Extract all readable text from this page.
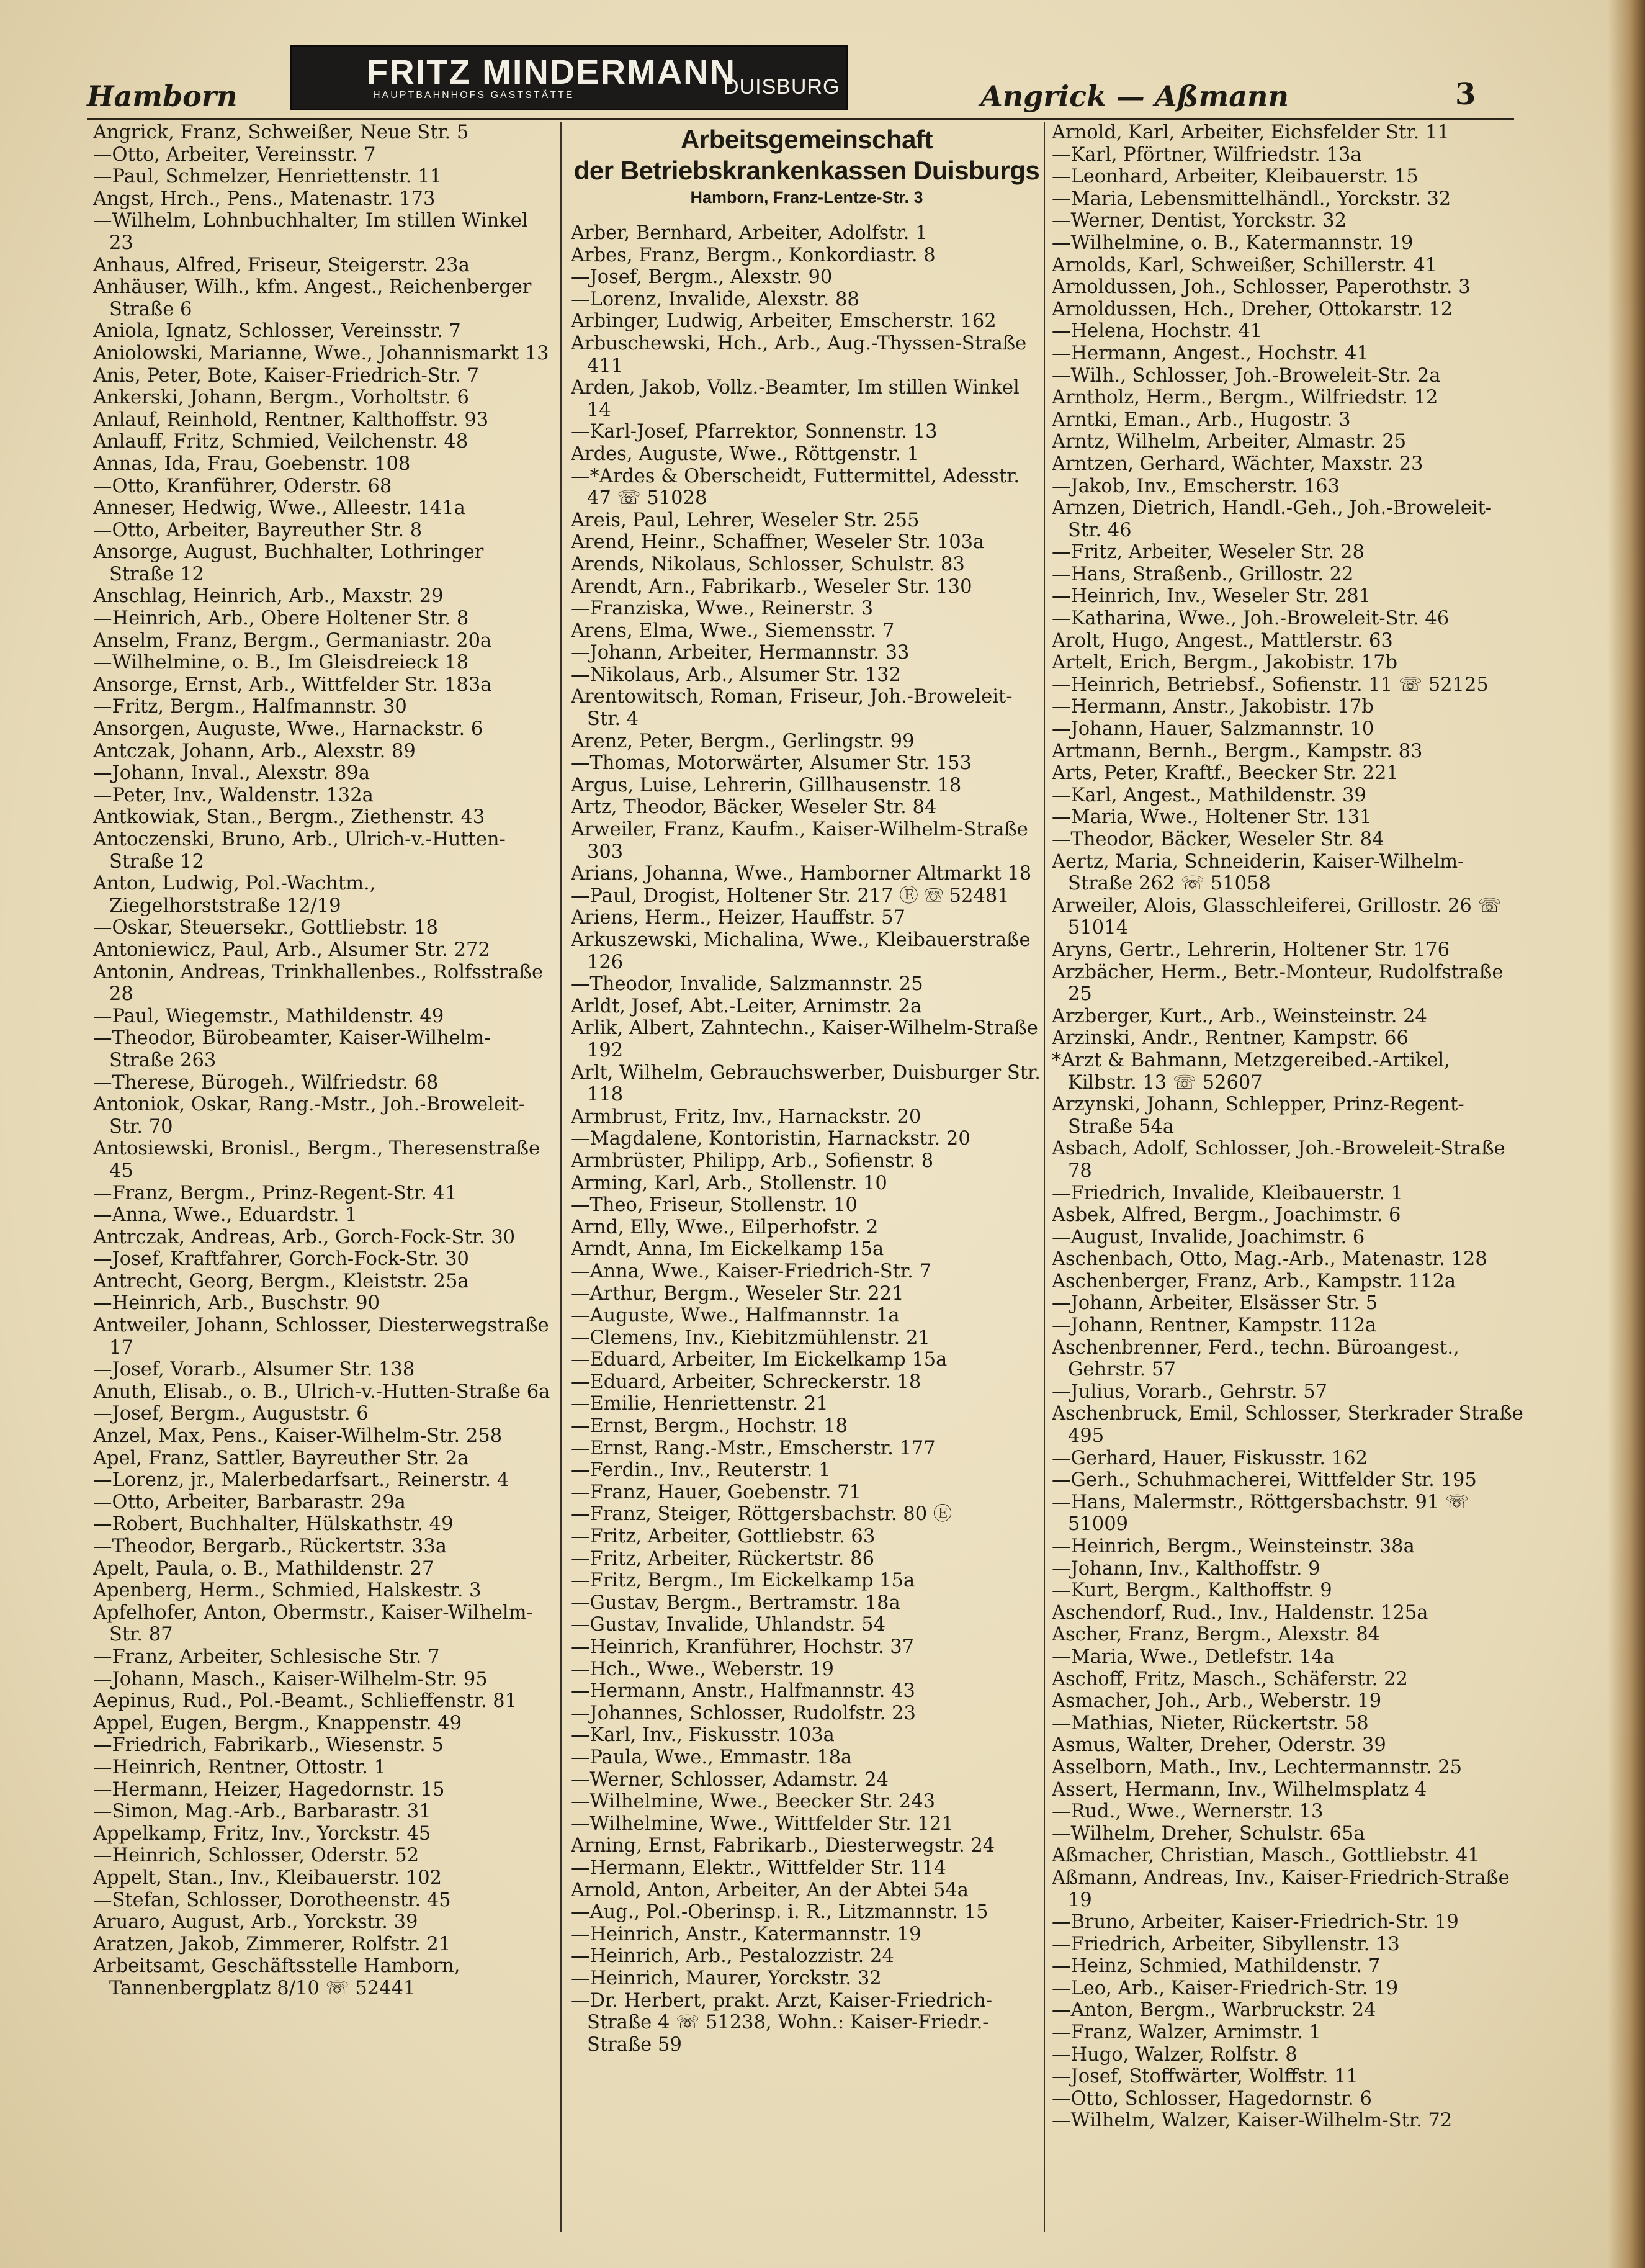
Hamborn
FRITZ MINDERMANN
HAUPTBAHNHOFS GASTSTÄTTE	DUISBURG	Angrick — Aßmann	3
Angrick, Franz, Schweißer, Neue Str. 5
—Otto, Arbeiter, Vereinsstr. 7
—Paul, Schmelzer, Henriettenstr. 11
Angst, Hrch., Pens., Matenastr. 173
—Wilhelm, Lohnbuchhalter, Im stillen Winkel 23
Anhaus, Alfred, Friseur, Steigerstr. 23a
Anhäuser, Wilh., kfm. Angest., Reichenberger Straße 6
Aniola, Ignatz, Schlosser, Vereinsstr. 7
Aniolowski, Marianne, Wwe., Johannismarkt 13
Anis, Peter, Bote, Kaiser-Friedrich-Str. 7
Ankerski, Johann, Bergm., Vorholtstr. 6
Anlauf, Reinhold, Rentner, Kalthoffstr. 93
Anlauff, Fritz, Schmied, Veilchenstr. 48
Annas, Ida, Frau, Goebenstr. 108
—Otto, Kranführer, Oderstr. 68
Anneser, Hedwig, Wwe., Alleestr. 141a
—Otto, Arbeiter, Bayreuther Str. 8
Ansorge, August, Buchhalter, Lothringer Straße 12
Anschlag, Heinrich, Arb., Maxstr. 29
—Heinrich, Arb., Obere Holtener Str. 8
Anselm, Franz, Bergm., Germaniastr. 20a
—Wilhelmine, o. B., Im Gleisdreieck 18
Ansorge, Ernst, Arb., Wittfelder Str. 183a
—Fritz, Bergm., Halfmannstr. 30
Ansorgen, Auguste, Wwe., Harnackstr. 6
Antczak, Johann, Arb., Alexstr. 89
—Johann, Inval., Alexstr. 89a
—Peter, Inv., Waldenstr. 132a
Antkowiak, Stan., Bergm., Ziethenstr. 43
Antoczenski, Bruno, Arb., Ulrich-v.-Hutten-Straße 12
Anton, Ludwig, Pol.-Wachtm., Ziegelhorststraße 12/19
—Oskar, Steuersekr., Gottliebstr. 18
Antoniewicz, Paul, Arb., Alsumer Str. 272
Antonin, Andreas, Trinkhallenbes., Rolfsstraße 28
—Paul, Wiegemstr., Mathildenstr. 49
—Theodor, Bürobeamter, Kaiser-Wilhelm-Straße 263
—Therese, Bürogeh., Wilfriedstr. 68
Antoniok, Oskar, Rang.-Mstr., Joh.-Broweleit-Str. 70
Antosiewski, Bronisl., Bergm., Theresenstraße 45
—Franz, Bergm., Prinz-Regent-Str. 41
—Anna, Wwe., Eduardstr. 1
Antrczak, Andreas, Arb., Gorch-Fock-Str. 30
—Josef, Kraftfahrer, Gorch-Fock-Str. 30
Antrecht, Georg, Bergm., Kleiststr. 25a
—Heinrich, Arb., Buschstr. 90
Antweiler, Johann, Schlosser, Diesterwegstraße 17
—Josef, Vorarb., Alsumer Str. 138
Anuth, Elisab., o. B., Ulrich-v.-Hutten-Straße 6a
—Josef, Bergm., Auguststr. 6
Anzel, Max, Pens., Kaiser-Wilhelm-Str. 258
Apel, Franz, Sattler, Bayreuther Str. 2a
—Lorenz, jr., Malerbedarfsart., Reinerstr. 4
—Otto, Arbeiter, Barbarastr. 29a
—Robert, Buchhalter, Hülskathstr. 49
—Theodor, Bergarb., Rückertstr. 33a
Apelt, Paula, o. B., Mathildenstr. 27
Apenberg, Herm., Schmied, Halskestr. 3
Apfelhofer, Anton, Obermstr., Kaiser-Wilhelm-Str. 87
—Franz, Arbeiter, Schlesische Str. 7
—Johann, Masch., Kaiser-Wilhelm-Str. 95
Aepinus, Rud., Pol.-Beamt., Schlieffenstr. 81
Appel, Eugen, Bergm., Knappenstr. 49
—Friedrich, Fabrikarb., Wiesenstr. 5
—Heinrich, Rentner, Ottostr. 1
—Hermann, Heizer, Hagedornstr. 15
—Simon, Mag.-Arb., Barbarastr. 31
Appelkamp, Fritz, Inv., Yorckstr. 45
—Heinrich, Schlosser, Oderstr. 52
Appelt, Stan., Inv., Kleibauerstr. 102
—Stefan, Schlosser, Dorotheenstr. 45
Aruaro, August, Arb., Yorckstr. 39
Aratzen, Jakob, Zimmerer, Rolfstr. 21
Arbeitsamt, Geschäftsstelle Hamborn, Tannenbergplatz 8/10 ☏ 52441
Arbeitsgemeinschaft
der Betriebskrankenkassen Duisburgs
Hamborn, Franz-Lentze-Str. 3
Arber, Bernhard, Arbeiter, Adolfstr. 1
Arbes, Franz, Bergm., Konkordiastr. 8
—Josef, Bergm., Alexstr. 90
—Lorenz, Invalide, Alexstr. 88
Arbinger, Ludwig, Arbeiter, Emscherstr. 162
Arbuschewski, Hch., Arb., Aug.-Thyssen-Straße 411
Arden, Jakob, Vollz.-Beamter, Im stillen Winkel 14
—Karl-Josef, Pfarrektor, Sonnenstr. 13
Ardes, Auguste, Wwe., Röttgenstr. 1
—*Ardes & Oberscheidt, Futtermittel, Adesstr. 47 ☏ 51028
Areis, Paul, Lehrer, Weseler Str. 255
Arend, Heinr., Schaffner, Weseler Str. 103a
Arends, Nikolaus, Schlosser, Schulstr. 83
Arendt, Arn., Fabrikarb., Weseler Str. 130
—Franziska, Wwe., Reinerstr. 3
Arens, Elma, Wwe., Siemensstr. 7
—Johann, Arbeiter, Hermannstr. 33
—Nikolaus, Arb., Alsumer Str. 132
Arentowitsch, Roman, Friseur, Joh.-Broweleit-Str. 4
Arenz, Peter, Bergm., Gerlingstr. 99
—Thomas, Motorwärter, Alsumer Str. 153
Argus, Luise, Lehrerin, Gillhausenstr. 18
Artz, Theodor, Bäcker, Weseler Str. 84
Arweiler, Franz, Kaufm., Kaiser-Wilhelm-Straße 303
Arians, Johanna, Wwe., Hamborner Altmarkt 18
—Paul, Drogist, Holtener Str. 217 Ⓔ ☏ 52481
Ariens, Herm., Heizer, Hauffstr. 57
Arkuszewski, Michalina, Wwe., Kleibauerstraße 126
—Theodor, Invalide, Salzmannstr. 25
Arldt, Josef, Abt.-Leiter, Arnimstr. 2a
Arlik, Albert, Zahntechn., Kaiser-Wilhelm-Straße 192
Arlt, Wilhelm, Gebrauchswerber, Duisburger Str. 118
Armbrust, Fritz, Inv., Harnackstr. 20
—Magdalene, Kontoristin, Harnackstr. 20
Armbrüster, Philipp, Arb., Sofienstr. 8
Arming, Karl, Arb., Stollenstr. 10
—Theo, Friseur, Stollenstr. 10
Arnd, Elly, Wwe., Eilperhofstr. 2
Arndt, Anna, Im Eickelkamp 15a
—Anna, Wwe., Kaiser-Friedrich-Str. 7
—Arthur, Bergm., Weseler Str. 221
—Auguste, Wwe., Halfmannstr. 1a
—Clemens, Inv., Kiebitzmühlenstr. 21
—Eduard, Arbeiter, Im Eickelkamp 15a
—Eduard, Arbeiter, Schreckerstr. 18
—Emilie, Henriettenstr. 21
—Ernst, Bergm., Hochstr. 18
—Ernst, Rang.-Mstr., Emscherstr. 177
—Ferdin., Inv., Reuterstr. 1
—Franz, Hauer, Goebenstr. 71
—Franz, Steiger, Röttgersbachstr. 80 Ⓔ
—Fritz, Arbeiter, Gottliebstr. 63
—Fritz, Arbeiter, Rückertstr. 86
—Fritz, Bergm., Im Eickelkamp 15a
—Gustav, Bergm., Bertramstr. 18a
—Gustav, Invalide, Uhlandstr. 54
—Heinrich, Kranführer, Hochstr. 37
—Hch., Wwe., Weberstr. 19
—Hermann, Anstr., Halfmannstr. 43
—Johannes, Schlosser, Rudolfstr. 23
—Karl, Inv., Fiskusstr. 103a
—Paula, Wwe., Emmastr. 18a
—Werner, Schlosser, Adamstr. 24
—Wilhelmine, Wwe., Beecker Str. 243
—Wilhelmine, Wwe., Wittfelder Str. 121
Arning, Ernst, Fabrikarb., Diesterwegstr. 24
—Hermann, Elektr., Wittfelder Str. 114
Arnold, Anton, Arbeiter, An der Abtei 54a
—Aug., Pol.-Oberinsp. i. R., Litzmannstr. 15
—Heinrich, Anstr., Katermannstr. 19
—Heinrich, Arb., Pestalozzistr. 24
—Heinrich, Maurer, Yorckstr. 32
—Dr. Herbert, prakt. Arzt, Kaiser-Friedrich-Straße 4 ☏ 51238, Wohn.: Kaiser-Friedr.-Straße 59
Arnold, Karl, Arbeiter, Eichsfelder Str. 11
—Karl, Pförtner, Wilfriedstr. 13a
—Leonhard, Arbeiter, Kleibauerstr. 15
—Maria, Lebensmittelhändl., Yorckstr. 32
—Werner, Dentist, Yorckstr. 32
—Wilhelmine, o. B., Katermannstr. 19
Arnolds, Karl, Schweißer, Schillerstr. 41
Arnoldussen, Joh., Schlosser, Paperothstr. 3
Arnoldussen, Hch., Dreher, Ottokarstr. 12
—Helena, Hochstr. 41
—Hermann, Angest., Hochstr. 41
—Wilh., Schlosser, Joh.-Broweleit-Str. 2a
Arntholz, Herm., Bergm., Wilfriedstr. 12
Arntki, Eman., Arb., Hugostr. 3
Arntz, Wilhelm, Arbeiter, Almastr. 25
Arntzen, Gerhard, Wächter, Maxstr. 23
—Jakob, Inv., Emscherstr. 163
Arnzen, Dietrich, Handl.-Geh., Joh.-Broweleit-Str. 46
—Fritz, Arbeiter, Weseler Str. 28
—Hans, Straßenb., Grillostr. 22
—Heinrich, Inv., Weseler Str. 281
—Katharina, Wwe., Joh.-Broweleit-Str. 46
Arolt, Hugo, Angest., Mattlerstr. 63
Artelt, Erich, Bergm., Jakobistr. 17b
—Heinrich, Betriebsf., Sofienstr. 11 ☏ 52125
—Hermann, Anstr., Jakobistr. 17b
—Johann, Hauer, Salzmannstr. 10
Artmann, Bernh., Bergm., Kampstr. 83
Arts, Peter, Kraftf., Beecker Str. 221
—Karl, Angest., Mathildenstr. 39
—Maria, Wwe., Holtener Str. 131
—Theodor, Bäcker, Weseler Str. 84
Aertz, Maria, Schneiderin, Kaiser-Wilhelm-Straße 262 ☏ 51058
Arweiler, Alois, Glasschleiferei, Grillostr. 26 ☏ 51014
Aryns, Gertr., Lehrerin, Holtener Str. 176
Arzbächer, Herm., Betr.-Monteur, Rudolfstraße 25
Arzberger, Kurt., Arb., Weinsteinstr. 24
Arzinski, Andr., Rentner, Kampstr. 66
*Arzt & Bahmann, Metzgereibed.-Artikel, Kilbstr. 13 ☏ 52607
Arzynski, Johann, Schlepper, Prinz-Regent-Straße 54a
Asbach, Adolf, Schlosser, Joh.-Broweleit-Straße 78
—Friedrich, Invalide, Kleibauerstr. 1
Asbek, Alfred, Bergm., Joachimstr. 6
—August, Invalide, Joachimstr. 6
Aschenbach, Otto, Mag.-Arb., Matenastr. 128
Aschenberger, Franz, Arb., Kampstr. 112a
—Johann, Arbeiter, Elsässer Str. 5
—Johann, Rentner, Kampstr. 112a
Aschenbrenner, Ferd., techn. Büroangest., Gehrstr. 57
—Julius, Vorarb., Gehrstr. 57
Aschenbruck, Emil, Schlosser, Sterkrader Straße 495
—Gerhard, Hauer, Fiskusstr. 162
—Gerh., Schuhmacherei, Wittfelder Str. 195
—Hans, Malermstr., Röttgersbachstr. 91 ☏ 51009
—Heinrich, Bergm., Weinsteinstr. 38a
—Johann, Inv., Kalthoffstr. 9
—Kurt, Bergm., Kalthoffstr. 9
Aschendorf, Rud., Inv., Haldenstr. 125a
Ascher, Franz, Bergm., Alexstr. 84
—Maria, Wwe., Detlefstr. 14a
Aschoff, Fritz, Masch., Schäferstr. 22
Asmacher, Joh., Arb., Weberstr. 19
—Mathias, Nieter, Rückertstr. 58
Asmus, Walter, Dreher, Oderstr. 39
Asselborn, Math., Inv., Lechtermannstr. 25
Assert, Hermann, Inv., Wilhelmsplatz 4
—Rud., Wwe., Wernerstr. 13
—Wilhelm, Dreher, Schulstr. 65a
Aßmacher, Christian, Masch., Gottliebstr. 41
Aßmann, Andreas, Inv., Kaiser-Friedrich-Straße 19
—Bruno, Arbeiter, Kaiser-Friedrich-Str. 19
—Friedrich, Arbeiter, Sibyllenstr. 13
—Heinz, Schmied, Mathildenstr. 7
—Leo, Arb., Kaiser-Friedrich-Str. 19
—Anton, Bergm., Warbruckstr. 24
—Franz, Walzer, Arnimstr. 1
—Hugo, Walzer, Rolfstr. 8
—Josef, Stoffwärter, Wolffstr. 11
—Otto, Schlosser, Hagedornstr. 6
—Wilhelm, Walzer, Kaiser-Wilhelm-Str. 72
